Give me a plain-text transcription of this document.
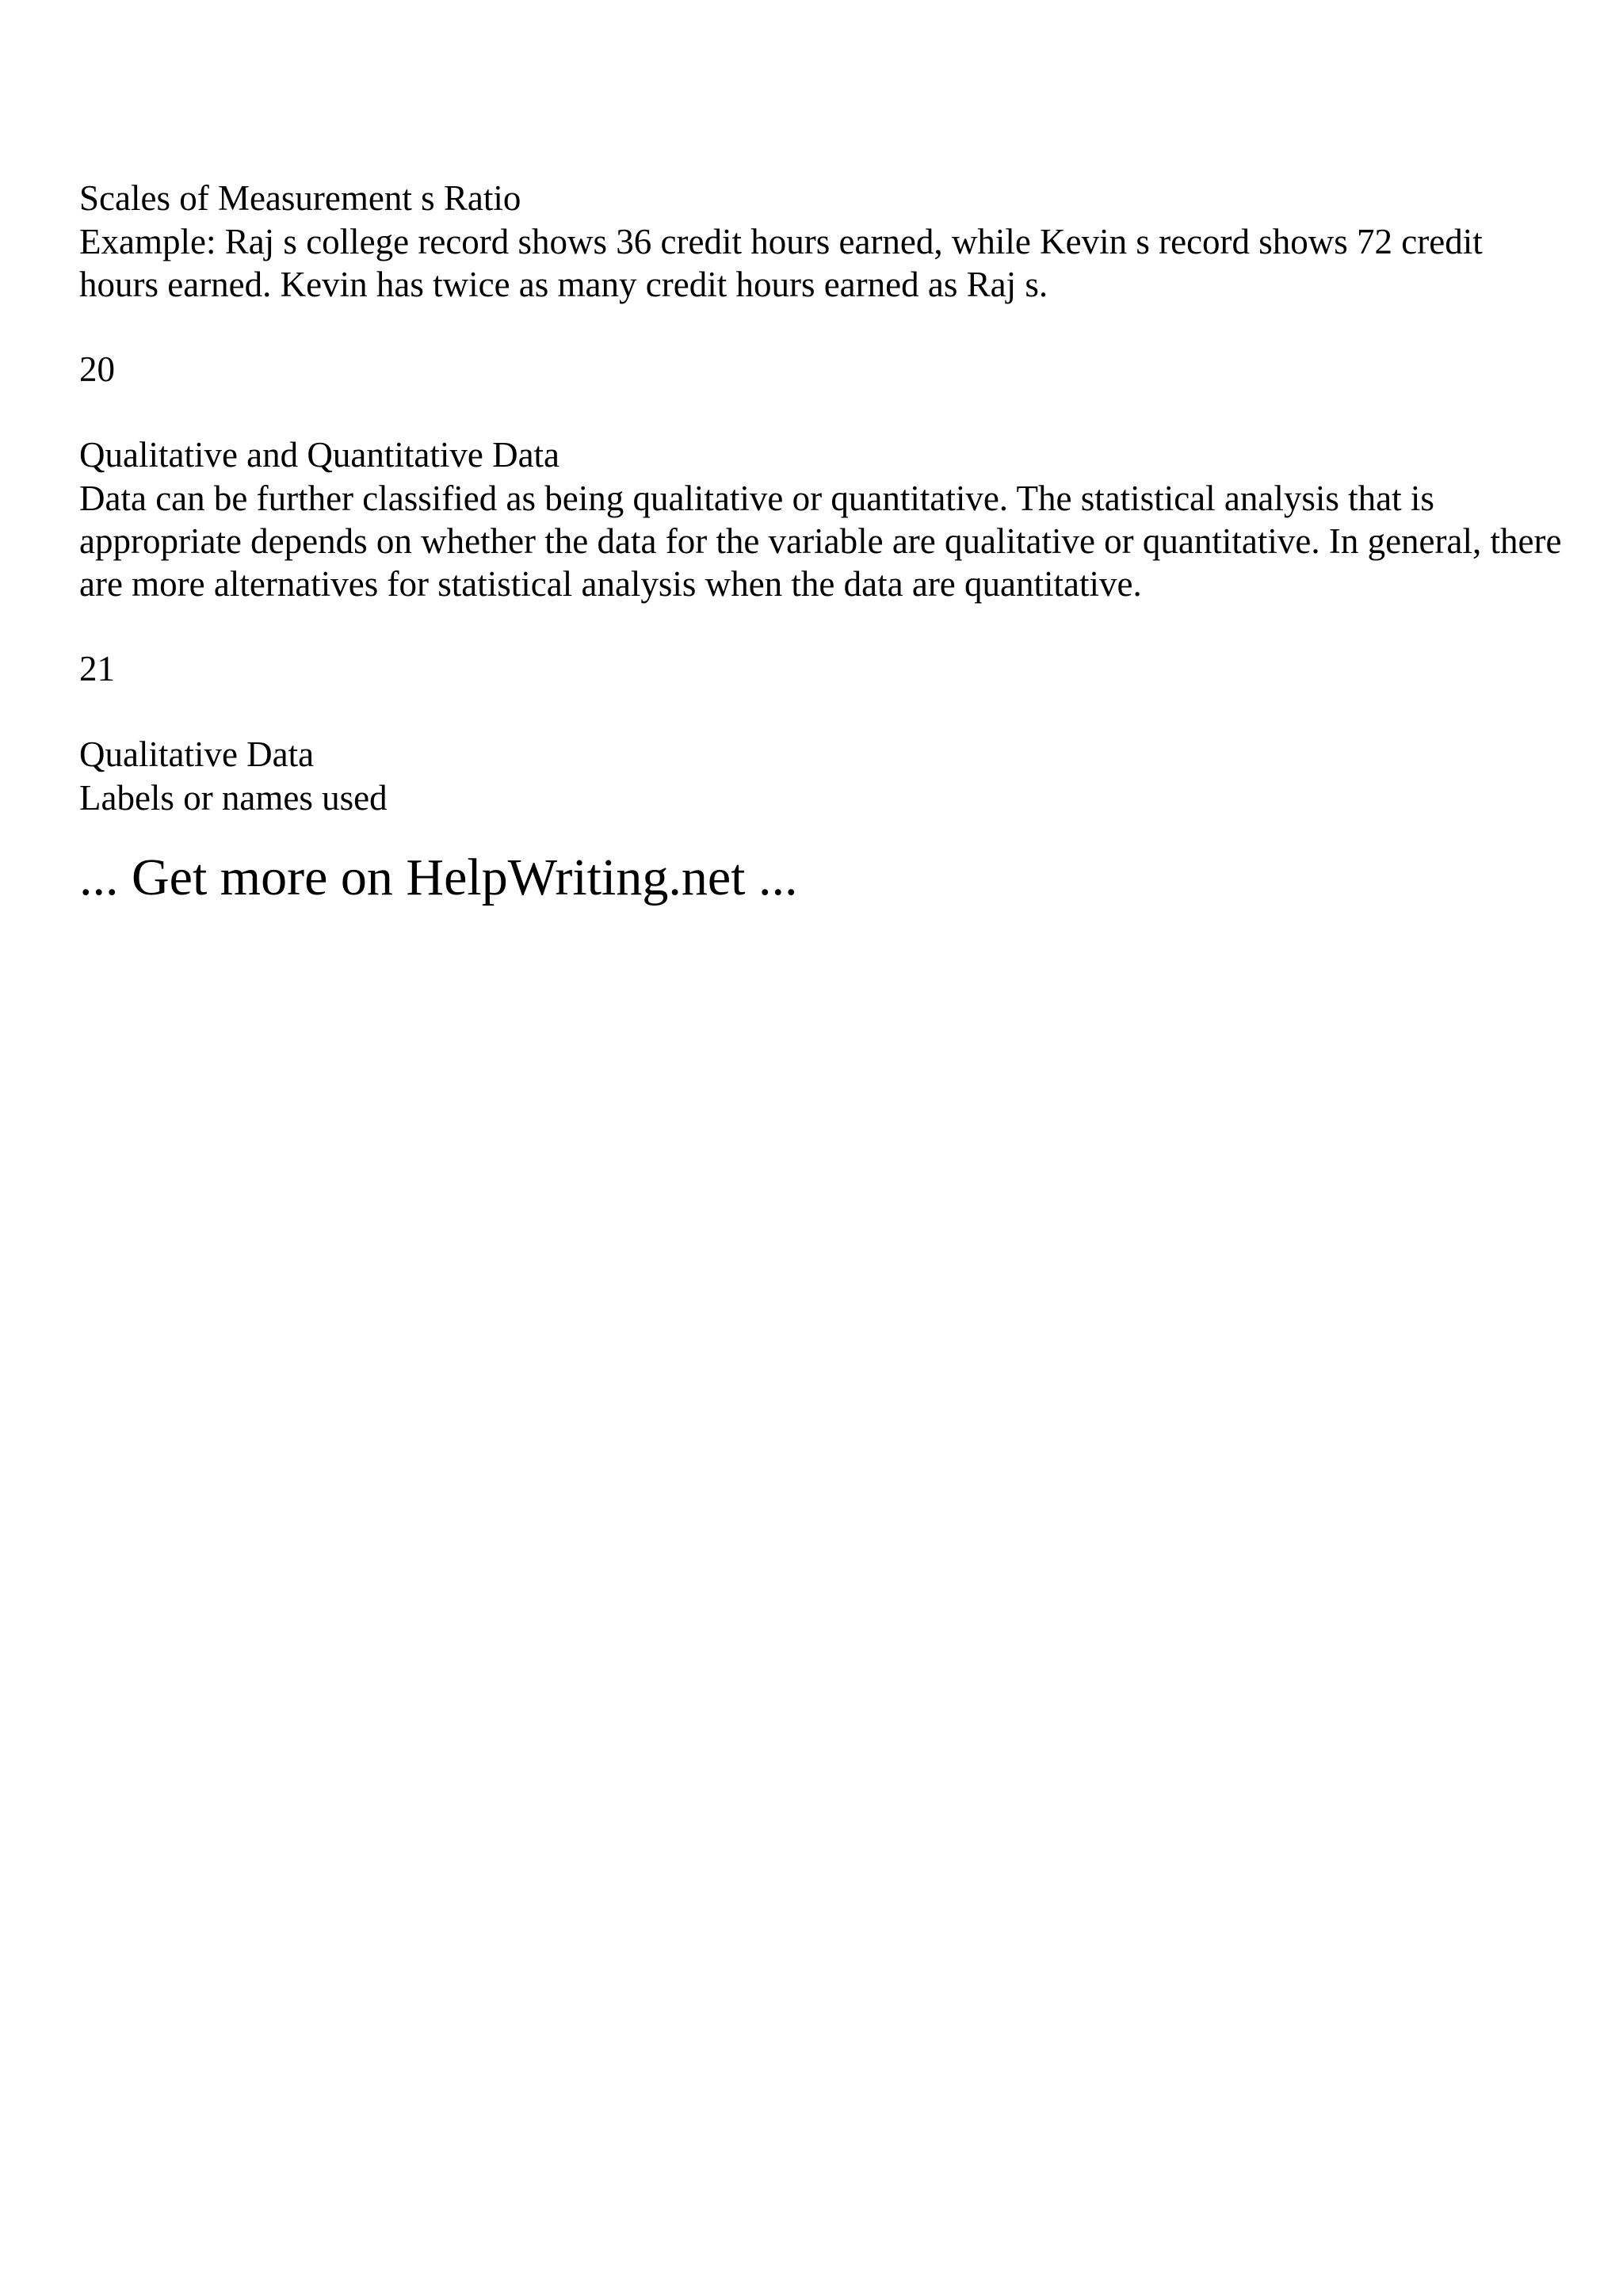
Scales of Measurement s Ratio

Example: Raj s college record shows 36 credit hours earned, while Kevin s record shows 72 credit hours earned. Kevin has twice as many credit hours earned as Raj s.

20

Qualitative and Quantitative Data

Data can be further classified as being qualitative or quantitative. The statistical analysis that is appropriate depends on whether the data for the variable are qualitative or quantitative. In general, there are more alternatives for statistical analysis when the data are quantitative.

21

Qualitative Data

Labels or names used

... Get more on HelpWriting.net ...
